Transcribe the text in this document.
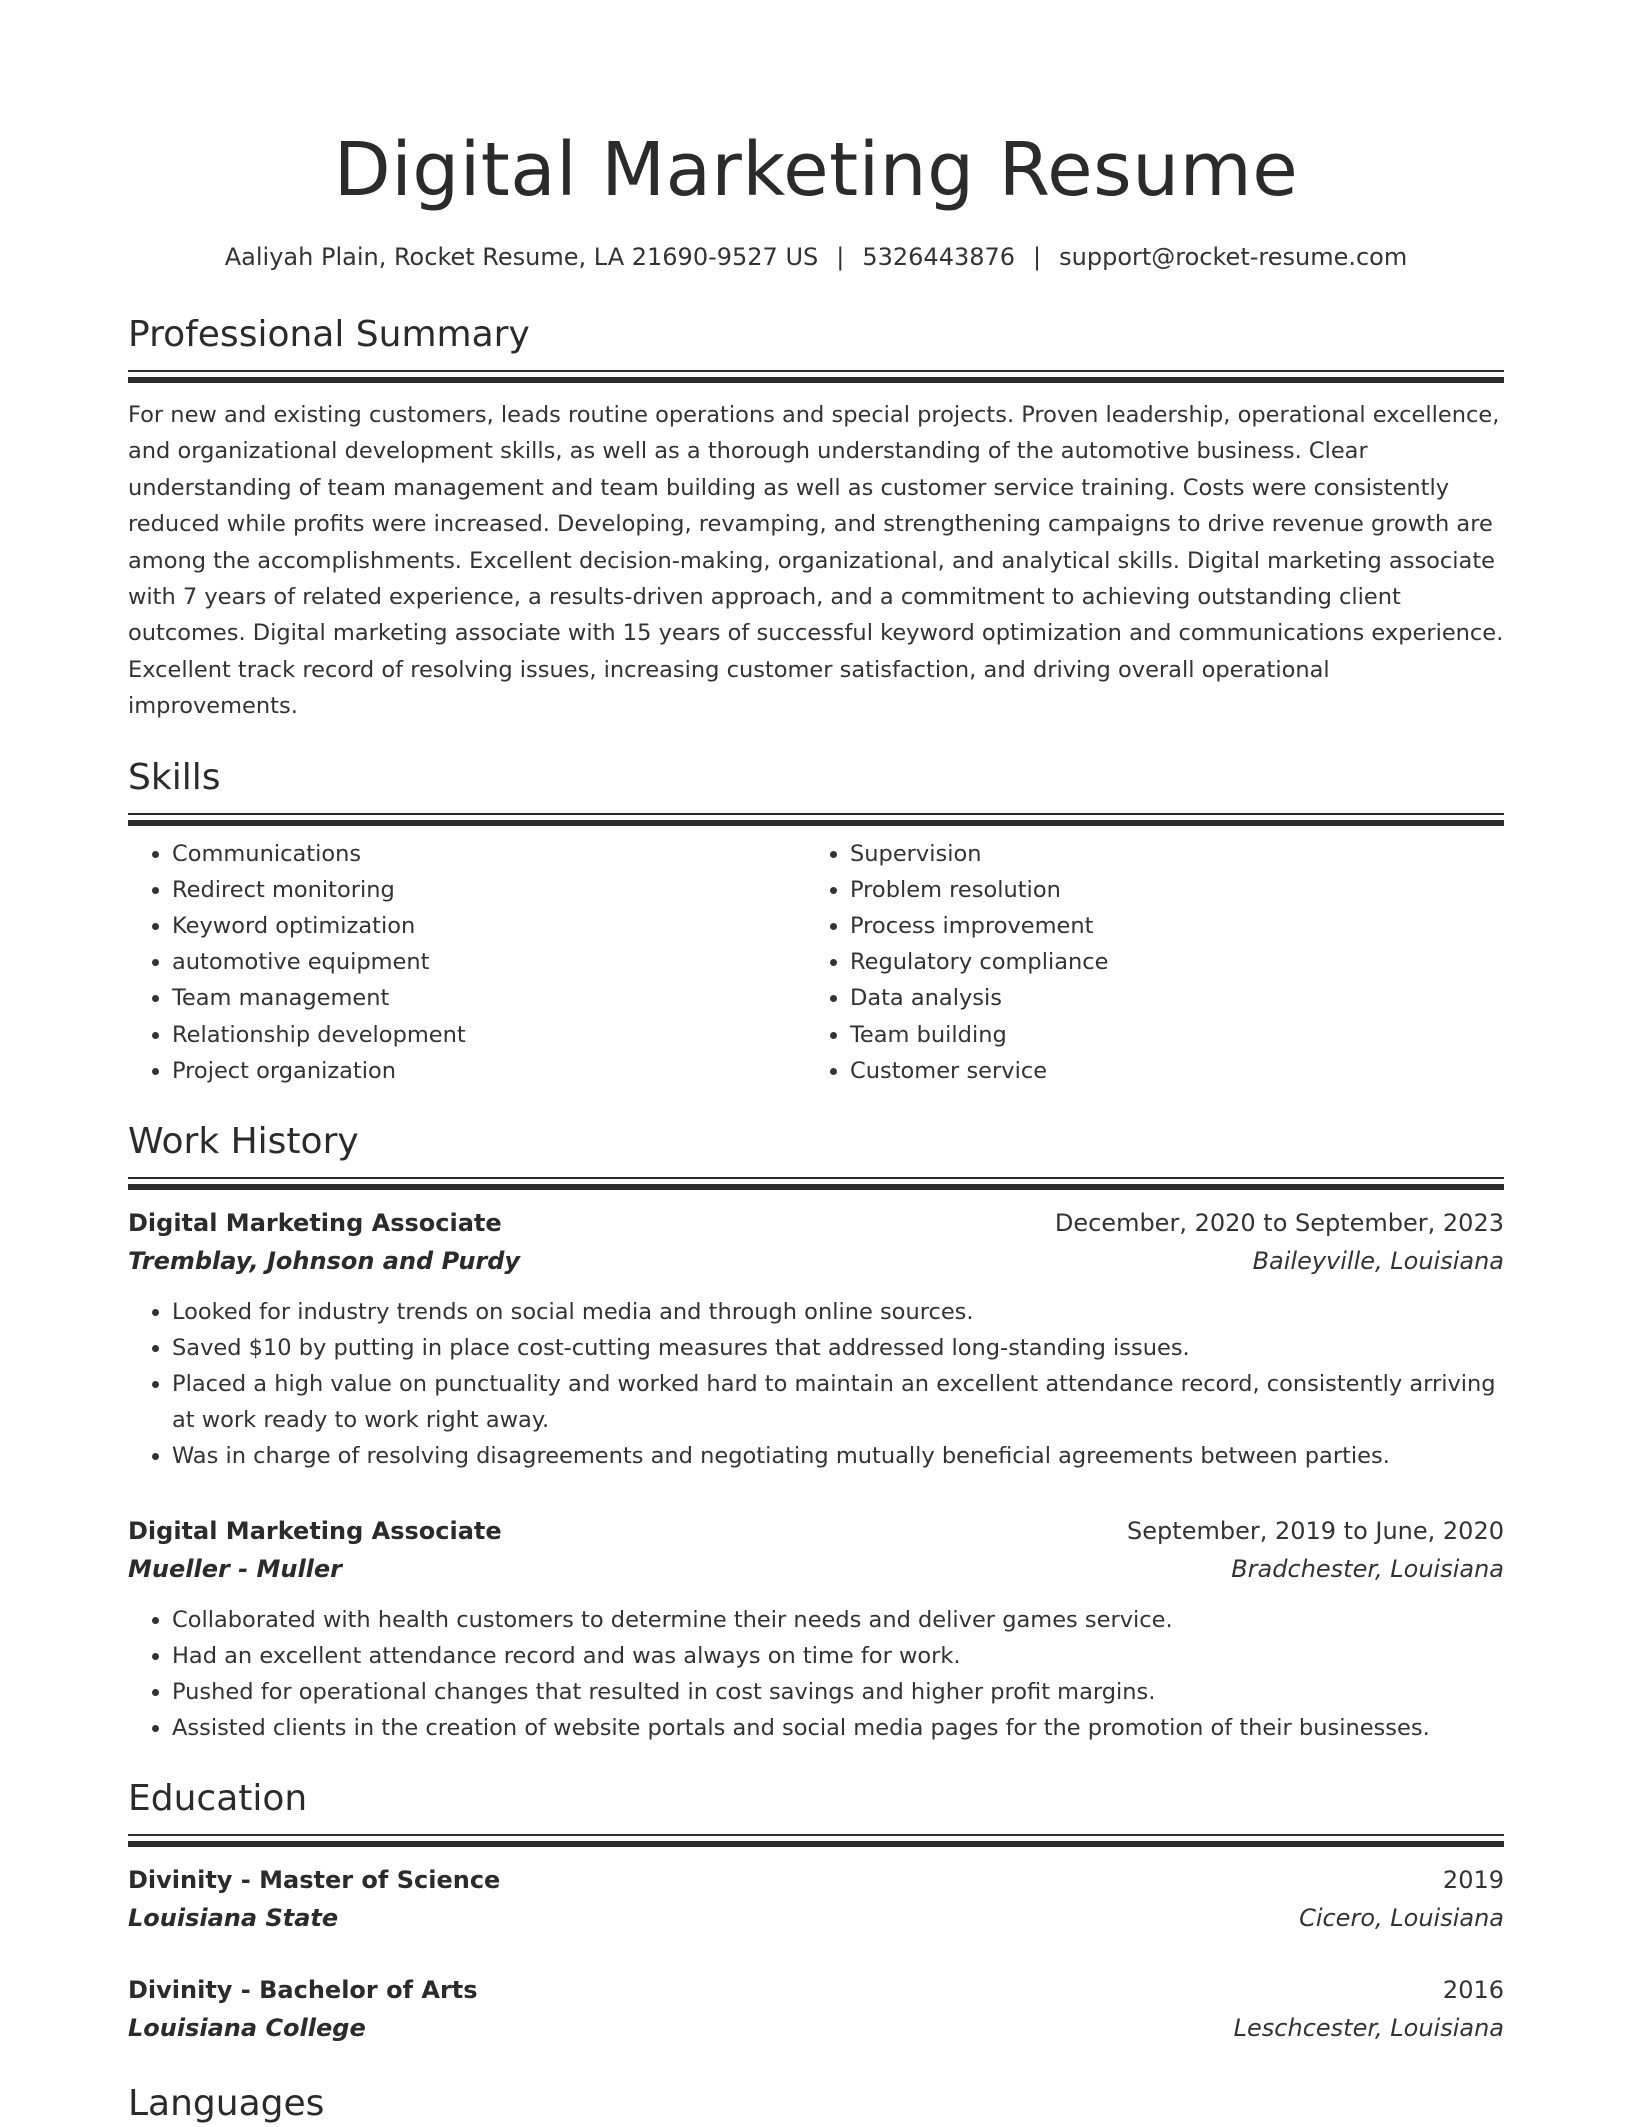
Digital Marketing Resume
Aaliyah Plain, Rocket Resume, LA 21690-9527 US | 5326443876 | support@rocket-resume.com
Professional Summary

For new and existing customers, leads routine operations and special projects. Proven leadership, operational excellence, and organizational development skills, as well as a thorough understanding of the automotive business. Clear understanding of team management and team building as well as customer service training. Costs were consistently reduced while profits were increased. Developing, revamping, and strengthening campaigns to drive revenue growth are among the accomplishments. Excellent decision-making, organizational, and analytical skills. Digital marketing associate with 7 years of related experience, a results-driven approach, and a commitment to achieving outstanding client outcomes. Digital marketing associate with 15 years of successful keyword optimization and communications experience. Excellent track record of resolving issues, increasing customer satisfaction, and driving overall operational improvements.

Skills
• Communications
• Redirect monitoring
• Keyword optimization
• automotive equipment
• Team management
• Relationship development
• Project organization
• Supervision
• Problem resolution
• Process improvement
• Regulatory compliance
• Data analysis
• Team building
• Customer service
Work History
Digital Marketing Associate	December, 2020 to September, 2023
Tremblay, Johnson and Purdy	Baileyville, Louisiana
• Looked for industry trends on social media and through online sources.
• Saved $10 by putting in place cost-cutting measures that addressed long-standing issues.
• Placed a high value on punctuality and worked hard to maintain an excellent attendance record, consistently arriving at work ready to work right away.
• Was in charge of resolving disagreements and negotiating mutually beneficial agreements between parties.
Digital Marketing Associate	September, 2019 to June, 2020
Mueller - Muller	Bradchester, Louisiana
• Collaborated with health customers to determine their needs and deliver games service.
• Had an excellent attendance record and was always on time for work.
• Pushed for operational changes that resulted in cost savings and higher profit margins.
• Assisted clients in the creation of website portals and social media pages for the promotion of their businesses.
Education
Divinity - Master of Science	2019
Louisiana State	Cicero, Louisiana
Divinity - Bachelor of Arts	2016
Louisiana College	Leschcester, Louisiana
Languages
